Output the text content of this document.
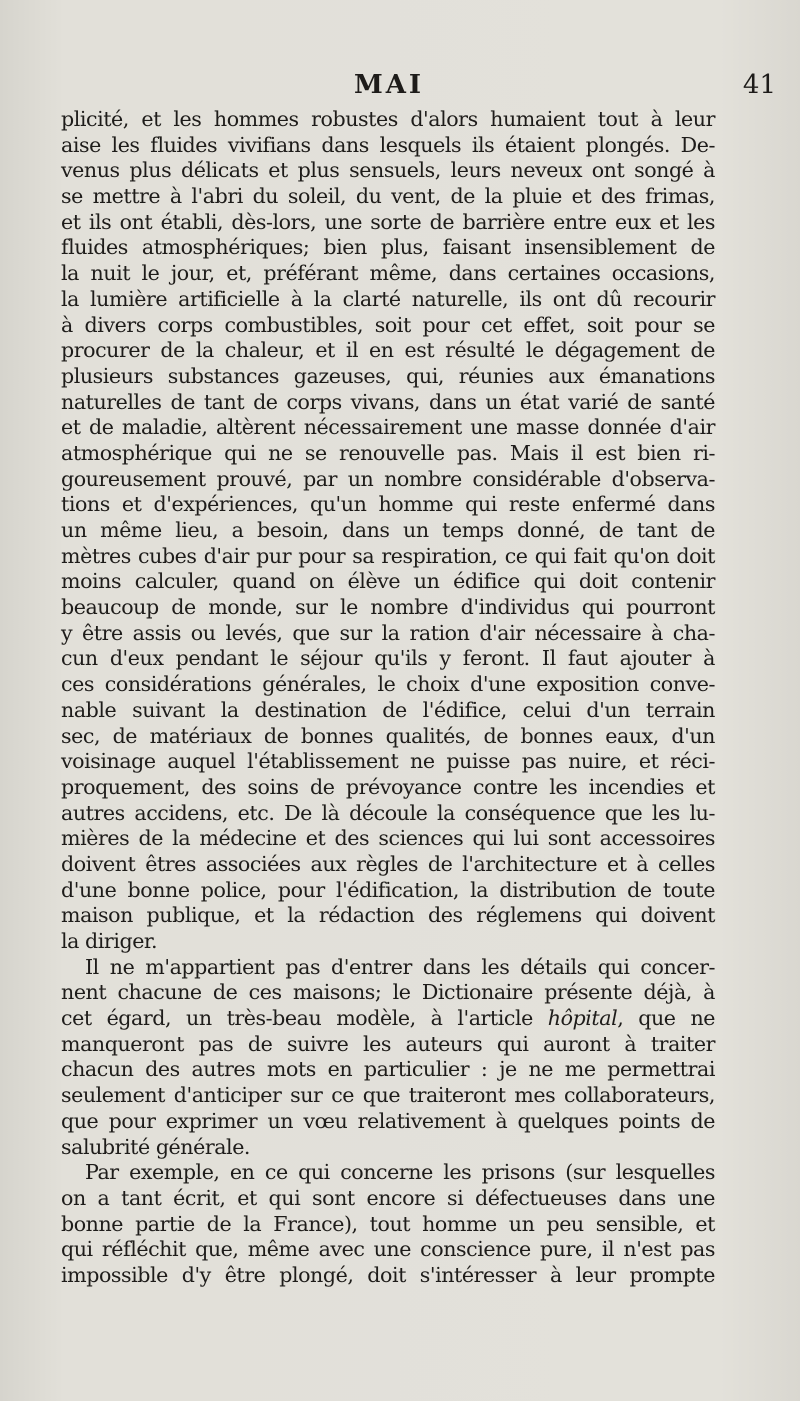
MAI	41
plicité, et les hommes robustes d'alors humaient tout à leur
aise les fluides vivifians dans lesquels ils étaient plongés. De-
venus plus délicats et plus sensuels, leurs neveux ont songé à
se mettre à l'abri du soleil, du vent, de la pluie et des frimas,
et ils ont établi, dès-lors, une sorte de barrière entre eux et les
fluides atmosphériques; bien plus, faisant insensiblement de
la nuit le jour, et, préférant même, dans certaines occasions,
la lumière artificielle à la clarté naturelle, ils ont dû recourir
à divers corps combustibles, soit pour cet effet, soit pour se
procurer de la chaleur, et il en est résulté le dégagement de
plusieurs substances gazeuses, qui, réunies aux émanations
naturelles de tant de corps vivans, dans un état varié de santé
et de maladie, altèrent nécessairement une masse donnée d'air
atmosphérique qui ne se renouvelle pas. Mais il est bien ri-
goureusement prouvé, par un nombre considérable d'observa-
tions et d'expériences, qu'un homme qui reste enfermé dans
un même lieu, a besoin, dans un temps donné, de tant de
mètres cubes d'air pur pour sa respiration, ce qui fait qu'on doit
moins calculer, quand on élève un édifice qui doit contenir
beaucoup de monde, sur le nombre d'individus qui pourront
y être assis ou levés, que sur la ration d'air nécessaire à cha-
cun d'eux pendant le séjour qu'ils y feront. Il faut ajouter à
ces considérations générales, le choix d'une exposition conve-
nable suivant la destination de l'édifice, celui d'un terrain
sec, de matériaux de bonnes qualités, de bonnes eaux, d'un
voisinage auquel l'établissement ne puisse pas nuire, et réci-
proquement, des soins de prévoyance contre les incendies et
autres accidens, etc. De là découle la conséquence que les lu-
mières de la médecine et des sciences qui lui sont accessoires
doivent êtres associées aux règles de l'architecture et à celles
d'une bonne police, pour l'édification, la distribution de toute
maison publique, et la rédaction des réglemens qui doivent
la diriger.
Il ne m'appartient pas d'entrer dans les détails qui concer-
nent chacune de ces maisons; le Dictionaire présente déjà, à
cet égard, un très-beau modèle, à l'article hôpital, que ne
manqueront pas de suivre les auteurs qui auront à traiter
chacun des autres mots en particulier : je ne me permettrai
seulement d'anticiper sur ce que traiteront mes collaborateurs,
que pour exprimer un vœu relativement à quelques points de
salubrité générale.
Par exemple, en ce qui concerne les prisons (sur lesquelles
on a tant écrit, et qui sont encore si défectueuses dans une
bonne partie de la France), tout homme un peu sensible, et
qui réfléchit que, même avec une conscience pure, il n'est pas
impossible d'y être plongé, doit s'intéresser à leur prompte
